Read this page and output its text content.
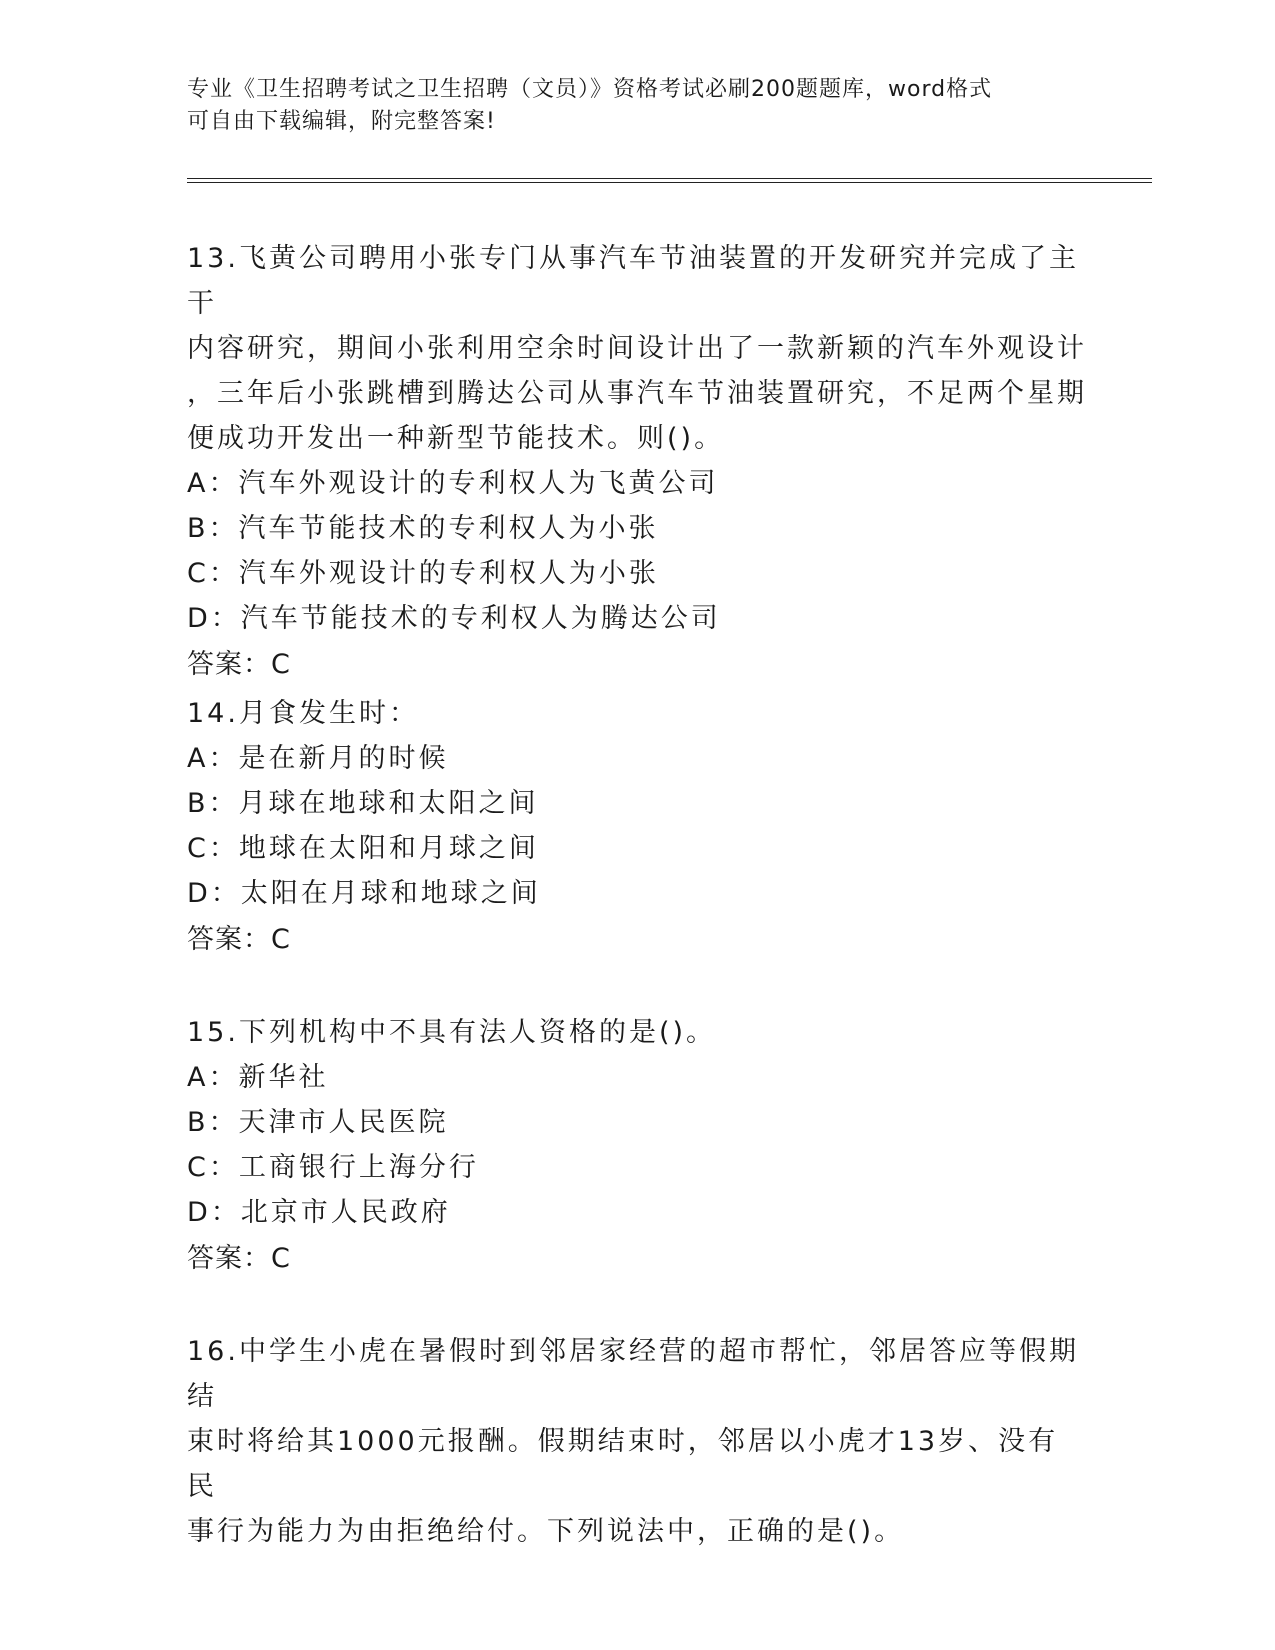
专业《卫生招聘考试之卫生招聘（文员）》资格考试必刷200题题库，word格式
可自由下载编辑，附完整答案!

13.飞黄公司聘用小张专门从事汽车节油装置的开发研究并完成了主干

内容研究，期间小张利用空余时间设计出了一款新颖的汽车外观设计

，三年后小张跳槽到腾达公司从事汽车节油装置研究，不足两个星期

便成功开发出一种新型节能技术。则()。

A：汽车外观设计的专利权人为飞黄公司

B：汽车节能技术的专利权人为小张

C：汽车外观设计的专利权人为小张

D：汽车节能技术的专利权人为腾达公司

答案：C

14.月食发生时：

A：是在新月的时候

B：月球在地球和太阳之间

C：地球在太阳和月球之间

D：太阳在月球和地球之间

答案：C

15.下列机构中不具有法人资格的是()。

A：新华社

B：天津市人民医院

C：工商银行上海分行

D：北京市人民政府

答案：C

16.中学生小虎在暑假时到邻居家经营的超市帮忙，邻居答应等假期结

束时将给其1000元报酬。假期结束时，邻居以小虎才13岁、没有民

事行为能力为由拒绝给付。下列说法中，正确的是()。
